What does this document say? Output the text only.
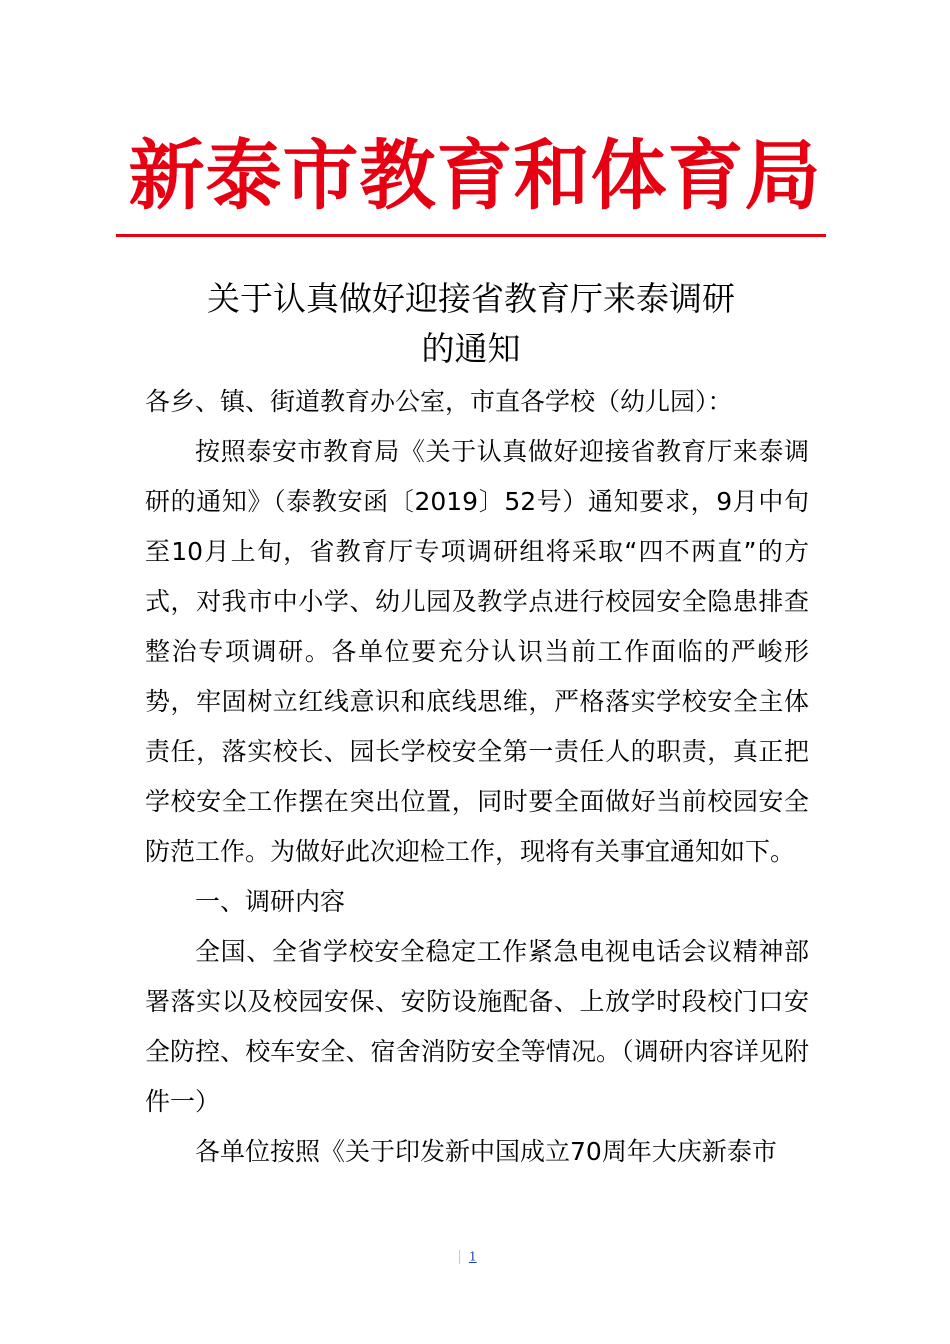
新泰市教育和体育局
关于认真做好迎接省教育厅来泰调研
的通知

各乡、镇、街道教育办公室，市直各学校（幼儿园）：

按照泰安市教育局《关于认真做好迎接省教育厅来泰调研的通知》（泰教安函〔2019〕52号）通知要求，9月中旬至10月上旬，省教育厅专项调研组将采取“四不两直”的方式，对我市中小学、幼儿园及教学点进行校园安全隐患排查整治专项调研。各单位要充分认识当前工作面临的严峻形势，牢固树立红线意识和底线思维，严格落实学校安全主体责任，落实校长、园长学校安全第一责任人的职责，真正把学校安全工作摆在突出位置，同时要全面做好当前校园安全防范工作。为做好此次迎检工作，现将有关事宜通知如下。

一、调研内容

全国、全省学校安全稳定工作紧急电视电话会议精神部署落实以及校园安保、安防设施配备、上放学时段校门口安全防控、校车安全、宿舍消防安全等情况。（调研内容详见附件一）

各单位按照《关于印发新中国成立70周年大庆新泰市

1
